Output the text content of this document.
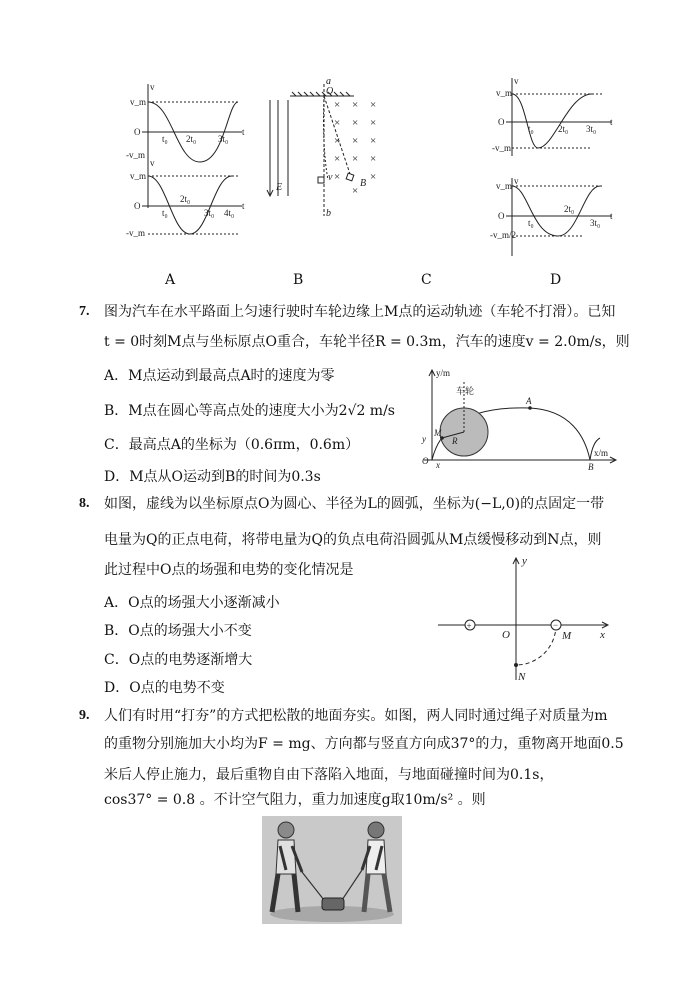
v
v_m
O
-v_m
t
t₀ 2t₀ 3t₀
v
v_m
O
-v_m
t
t₀
2t₀
3t₀ 4t₀
× × ×
× × ×
× × ×
× × ×
×	×
×
a
O
E	B
b
v
v
v_m
O
-v_m
t
t₀	2t₀ 3t₀
v
v_m
O
-v_m/2
t
t₀
2t₀
3t₀
A	B	C	D
7. 图为汽车在水平路面上匀速行驶时车轮边缘上M点的运动轨迹（车轮不打滑）。已知
t = 0时刻M点与坐标原点O重合，车轮半径R = 0.3m，汽车的速度v = 2.0m/s，则
A．M点运动到最高点A时的速度为零
B．M点在圆心等高点处的速度大小为2√2 m/s
C．最高点A的坐标为（0.6πm，0.6m）
D．M点从O运动到B的时间为0.3s
y/m
x/m
车轮
A
B
M
R
O x
y
8. 如图，虚线为以坐标原点O为圆心、半径为L的圆弧，坐标为(−L,0)的点固定一带
电量为Q的正点电荷，将带电量为Q的负点电荷沿圆弧从M点缓慢移动到N点，则
此过程中O点的场强和电势的变化情况是
A．O点的场强大小逐渐减小
B．O点的场强大小不变
C．O点的电势逐渐增大
D．O点的电势不变
+	−
y
x
O	M
N
9. 人们有时用“打夯”的方式把松散的地面夯实。如图，两人同时通过绳子对质量为m
的重物分别施加大小均为F = mg、方向都与竖直方向成37°的力，重物离开地面0.5
米后人停止施力，最后重物自由下落陷入地面，与地面碰撞时间为0.1s，
cos37° = 0.8 。不计空气阻力，重力加速度g取10m/s² 。则
